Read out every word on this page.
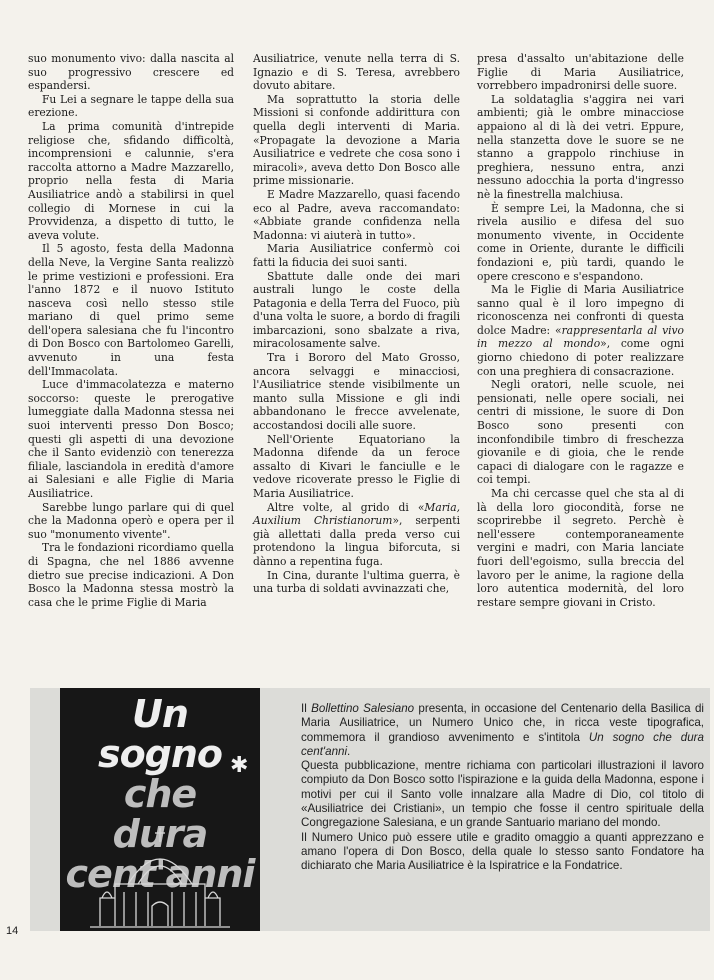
suo monumento vivo: dalla nascita al suo progressivo crescere ed espandersi.

Fu Lei a segnare le tappe della sua erezione.

La prima comunità d'intrepide religiose che, sfidando difficoltà, incomprensioni e calunnie, s'era raccolta attorno a Madre Mazzarello, proprio nella festa di Maria Ausiliatrice andò a stabilirsi in quel collegio di Mornese in cui la Provvidenza, a dispetto di tutto, le aveva volute.

Il 5 agosto, festa della Madonna della Neve, la Vergine Santa realizzò le prime vestizioni e professioni. Era l'anno 1872 e il nuovo Istituto nasceva così nello stesso stile mariano di quel primo seme dell'opera salesiana che fu l'incontro di Don Bosco con Bartolomeo Garelli, avvenuto in una festa dell'Immacolata.

Luce d'immacolatezza e materno soccorso: queste le prerogative lumeggiate dalla Madonna stessa nei suoi interventi presso Don Bosco; questi gli aspetti di una devozione che il Santo evidenziò con tenerezza filiale, lasciandola in eredità d'amore ai Salesiani e alle Figlie di Maria Ausiliatrice.

Sarebbe lungo parlare qui di quel che la Madonna operò e opera per il suo "monumento vivente".

Tra le fondazioni ricordiamo quella di Spagna, che nel 1886 avvenne dietro sue precise indicazioni. A Don Bosco la Madonna stessa mostrò la casa che le prime Figlie di Maria

Ausiliatrice, venute nella terra di S. Ignazio e di S. Teresa, avrebbero dovuto abitare.

Ma soprattutto la storia delle Missioni si confonde addirittura con quella degli interventi di Maria. «Propagate la devozione a Maria Ausiliatrice e vedrete che cosa sono i miracoli», aveva detto Don Bosco alle prime missionarie.

E Madre Mazzarello, quasi facendo eco al Padre, aveva raccomandato: «Abbiate grande confidenza nella Madonna: vi aiuterà in tutto».

Maria Ausiliatrice confermò coi fatti la fiducia dei suoi santi.

Sbattute dalle onde dei mari australi lungo le coste della Patagonia e della Terra del Fuoco, più d'una volta le suore, a bordo di fragili imbarcazioni, sono sbalzate a riva, miracolosamente salve.

Tra i Bororo del Mato Grosso, ancora selvaggi e minacciosi, l'Ausiliatrice stende visibilmente un manto sulla Missione e gli indi abbandonano le frecce avvelenate, accostandosi docili alle suore.

Nell'Oriente Equatoriano la Madonna difende da un feroce assalto di Kivari le fanciulle e le vedove ricoverate presso le Figlie di Maria Ausiliatrice.

Altre volte, al grido di «Maria, Auxilium Christianorum», serpenti già allettati dalla preda verso cui protendono la lingua biforcuta, si dànno a repentina fuga.

In Cina, durante l'ultima guerra, è una turba di soldati avvinazzati che,

presa d'assalto un'abitazione delle Figlie di Maria Ausiliatrice, vorrebbero impadronirsi delle suore.

La soldataglia s'aggira nei vari ambienti; già le ombre minacciose appaiono al di là dei vetri. Eppure, nella stanzetta dove le suore se ne stanno a grappolo rinchiuse in preghiera, nessuno entra, anzi nessuno adocchia la porta d'ingresso nè la finestrella malchiusa.

È sempre Lei, la Madonna, che si rivela ausilio e difesa del suo monumento vivente, in Occidente come in Oriente, durante le difficili fondazioni e, più tardi, quando le opere crescono e s'espandono.

Ma le Figlie di Maria Ausiliatrice sanno qual è il loro impegno di riconoscenza nei confronti di questa dolce Madre: «rappresentarla al vivo in mezzo al mondo», come ogni giorno chiedono di poter realizzare con una preghiera di consacrazione.

Negli oratori, nelle scuole, nei pensionati, nelle opere sociali, nei centri di missione, le suore di Don Bosco sono presenti con inconfondibile timbro di freschezza giovanile e di gioia, che le rende capaci di dialogare con le ragazze e coi tempi.

Ma chi cercasse quel che sta al di là della loro giocondità, forse ne scoprirebbe il segreto. Perchè è nell'essere contemporaneamente vergini e madri, con Maria lanciate fuori dell'egoismo, sulla breccia del lavoro per le anime, la ragione della loro autentica modernità, del loro restare sempre giovani in Cristo.

Un sogno
che
dura
cent'anni
✱

Il Bollettino Salesiano presenta, in occasione del Centenario della Basilica di Maria Ausiliatrice, un Numero Unico che, in ricca veste tipografica, commemora il grandioso avvenimento e s'intitola Un sogno che dura cent'anni.

Questa pubblicazione, mentre richiama con particolari illustrazioni il lavoro compiuto da Don Bosco sotto l'ispirazione e la guida della Madonna, espone i motivi per cui il Santo volle innalzare alla Madre di Dio, col titolo di «Ausiliatrice dei Cristiani», un tempio che fosse il centro spirituale della Congregazione Salesiana, e un grande Santuario mariano del mondo.

Il Numero Unico può essere utile e gradito omaggio a quanti apprezzano e amano l'opera di Don Bosco, della quale lo stesso santo Fondatore ha dichiarato che Maria Ausiliatrice è la Ispiratrice e la Fondatrice.

14
